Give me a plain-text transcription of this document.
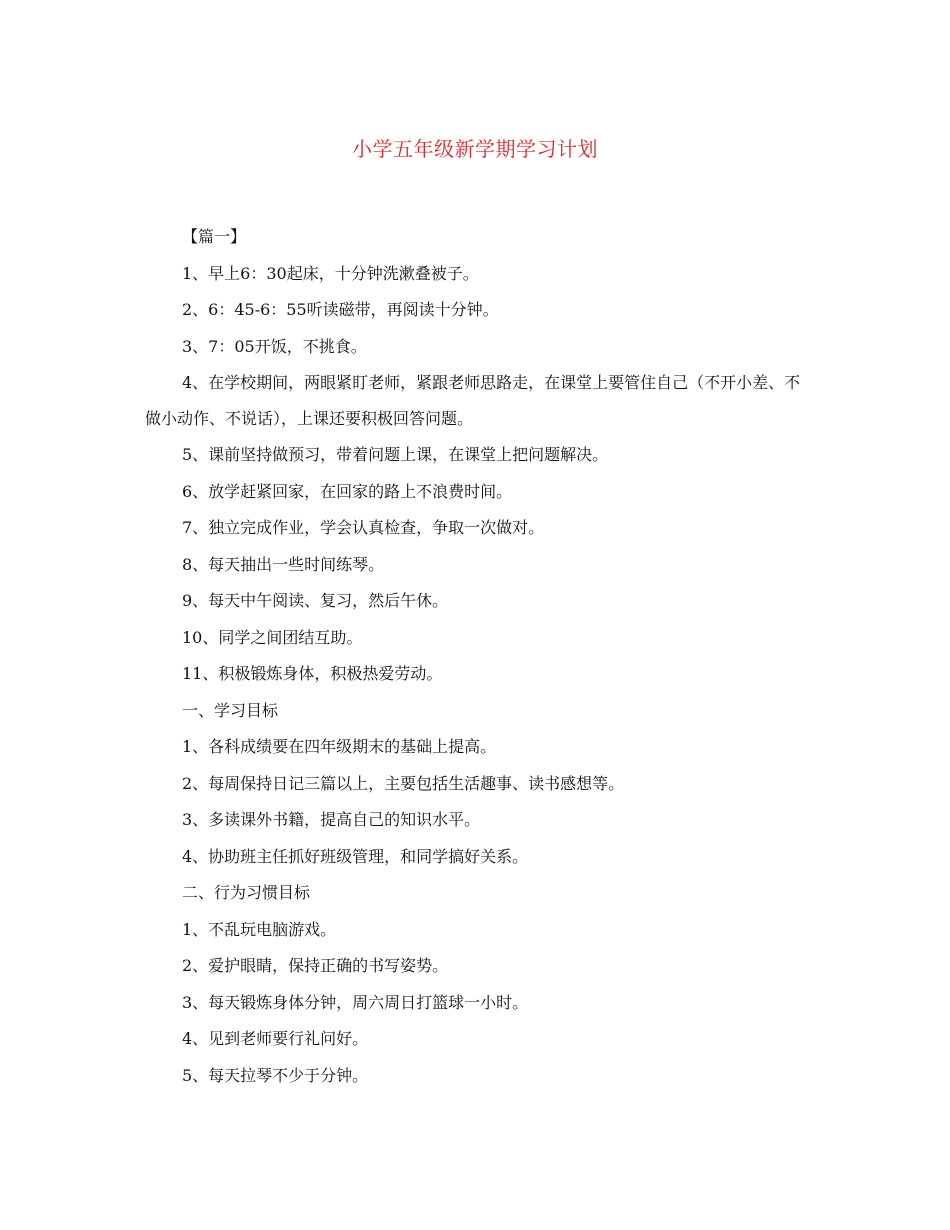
小学五年级新学期学习计划

【篇一】

1、早上6：30起床，十分钟洗漱叠被子。

2、6：45-6：55听读磁带，再阅读十分钟。

3、7：05开饭，不挑食。

4、在学校期间，两眼紧盯老师，紧跟老师思路走，在课堂上要管住自己（不开小差、不做小动作、不说话），上课还要积极回答问题。

5、课前坚持做预习，带着问题上课，在课堂上把问题解决。

6、放学赶紧回家，在回家的路上不浪费时间。

7、独立完成作业，学会认真检查，争取一次做对。

8、每天抽出一些时间练琴。

9、每天中午阅读、复习，然后午休。

10、同学之间团结互助。

11、积极锻炼身体，积极热爱劳动。

一、学习目标

1、各科成绩要在四年级期末的基础上提高。

2、每周保持日记三篇以上，主要包括生活趣事、读书感想等。

3、多读课外书籍，提高自己的知识水平。

4、协助班主任抓好班级管理，和同学搞好关系。

二、行为习惯目标

1、不乱玩电脑游戏。

2、爱护眼睛，保持正确的书写姿势。

3、每天锻炼身体分钟，周六周日打篮球一小时。

4、见到老师要行礼问好。

5、每天拉琴不少于分钟。
